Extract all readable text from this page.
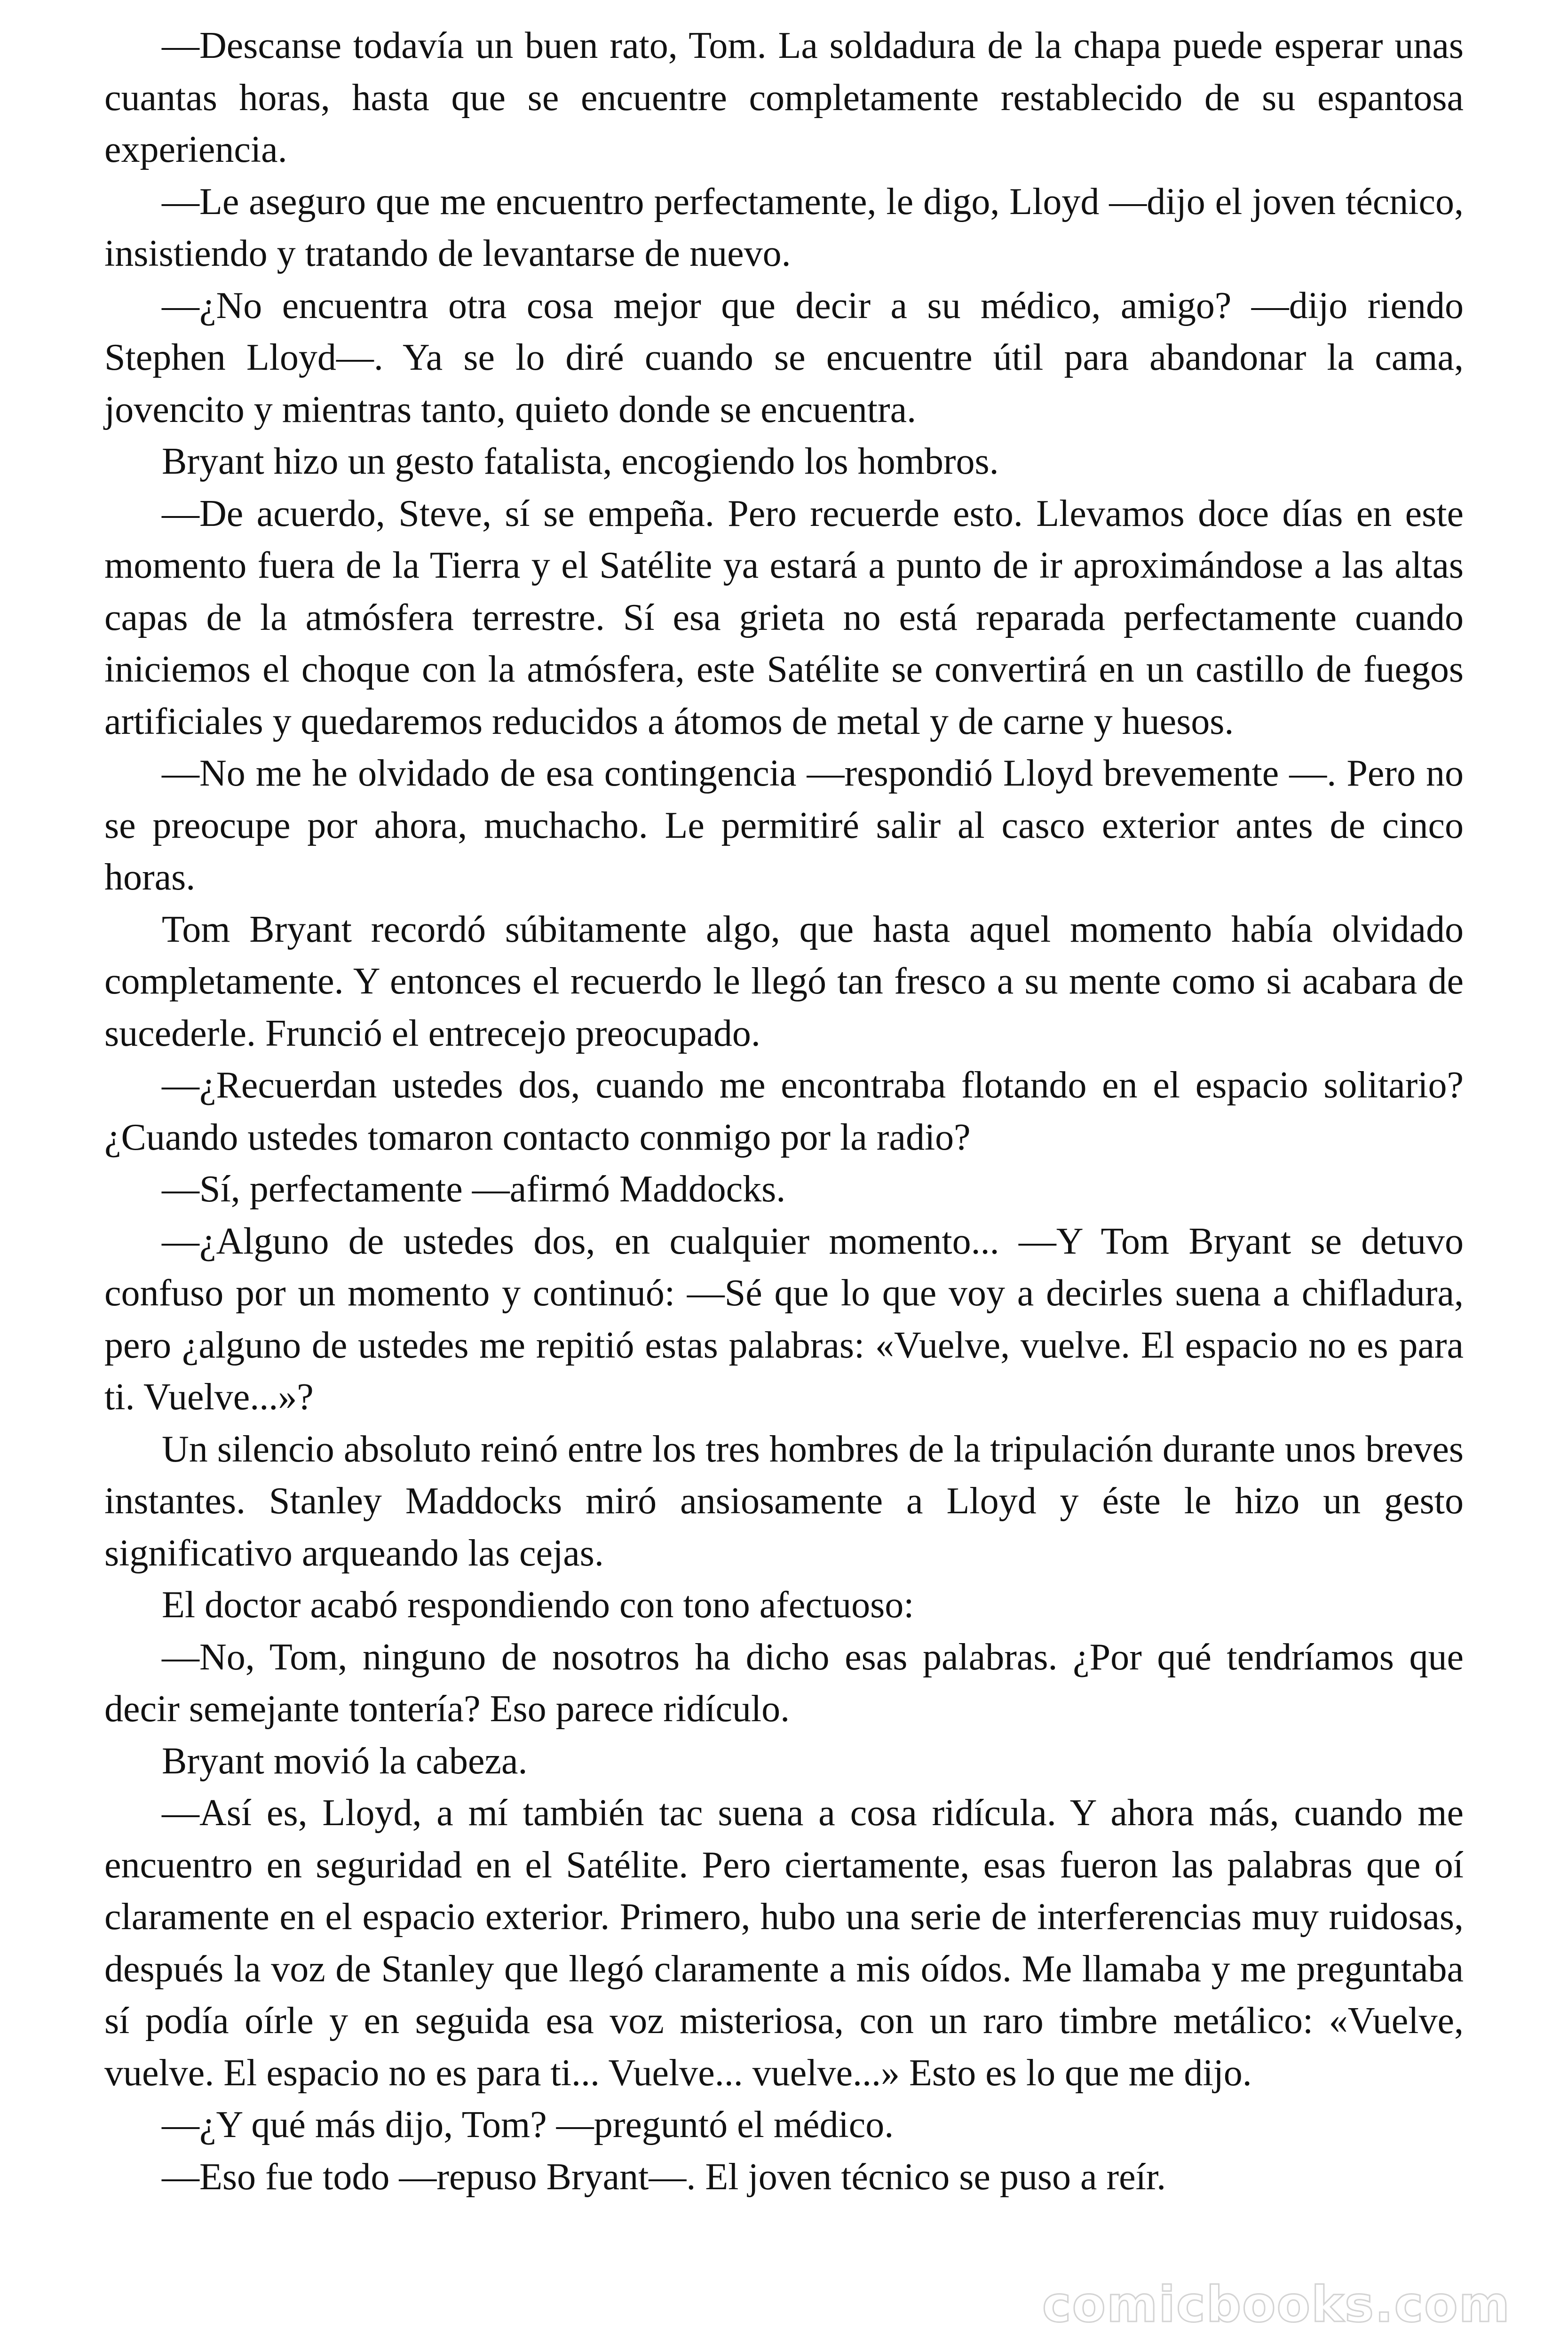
—Descanse todavía un buen rato, Tom. La soldadura de la chapa puede esperar unas cuantas horas, hasta que se encuentre completamente restablecido de su espantosa experiencia.

—Le aseguro que me encuentro perfectamente, le digo, Lloyd —dijo el joven técnico, insistiendo y tratando de levantarse de nuevo.

—¿No encuentra otra cosa mejor que decir a su médico, amigo? —dijo riendo Stephen Lloyd—. Ya se lo diré cuando se encuentre útil para abandonar la cama, jovencito y mientras tanto, quieto donde se encuentra.

Bryant hizo un gesto fatalista, encogiendo los hombros.

—De acuerdo, Steve, sí se empeña. Pero recuerde esto. Llevamos doce días en este momento fuera de la Tierra y el Satélite ya estará a punto de ir aproximándose a las altas capas de la atmósfera terrestre. Sí esa grieta no está reparada perfectamente cuando iniciemos el choque con la atmósfera, este Satélite se convertirá en un castillo de fuegos artificiales y quedaremos reducidos a átomos de metal y de carne y huesos.

—No me he olvidado de esa contingencia —respondió Lloyd brevemente —. Pero no se preocupe por ahora, muchacho. Le permitiré salir al casco exterior antes de cinco horas.

Tom Bryant recordó súbitamente algo, que hasta aquel momento había olvidado completamente. Y entonces el recuerdo le llegó tan fresco a su mente como si acabara de sucederle. Frunció el entrecejo preocupado.

—¿Recuerdan ustedes dos, cuando me encontraba flotando en el espacio solitario? ¿Cuando ustedes tomaron contacto conmigo por la radio?

—Sí, perfectamente —afirmó Maddocks.

—¿Alguno de ustedes dos, en cualquier momento... —Y Tom Bryant se detuvo confuso por un momento y continuó: —Sé que lo que voy a decirles suena a chifladura, pero ¿alguno de ustedes me repitió estas palabras: «Vuelve, vuelve. El espacio no es para ti. Vuelve...»?

Un silencio absoluto reinó entre los tres hombres de la tripulación durante unos breves instantes. Stanley Maddocks miró ansiosamente a Lloyd y éste le hizo un gesto significativo arqueando las cejas.

El doctor acabó respondiendo con tono afectuoso:

—No, Tom, ninguno de nosotros ha dicho esas palabras. ¿Por qué tendríamos que decir semejante tontería? Eso parece ridículo.

Bryant movió la cabeza.

—Así es, Lloyd, a mí también tac suena a cosa ridícula. Y ahora más, cuando me encuentro en seguridad en el Satélite. Pero ciertamente, esas fueron las palabras que oí claramente en el espacio exterior. Primero, hubo una serie de interferencias muy ruidosas, después la voz de Stanley que llegó claramente a mis oídos. Me llamaba y me preguntaba sí podía oírle y en seguida esa voz misteriosa, con un raro timbre metálico: «Vuelve, vuelve. El espacio no es para ti... Vuelve... vuelve...» Esto es lo que me dijo.

—¿Y qué más dijo, Tom? —preguntó el médico.

—Eso fue todo —repuso Bryant—. El joven técnico se puso a reír.

comicbooks.com
